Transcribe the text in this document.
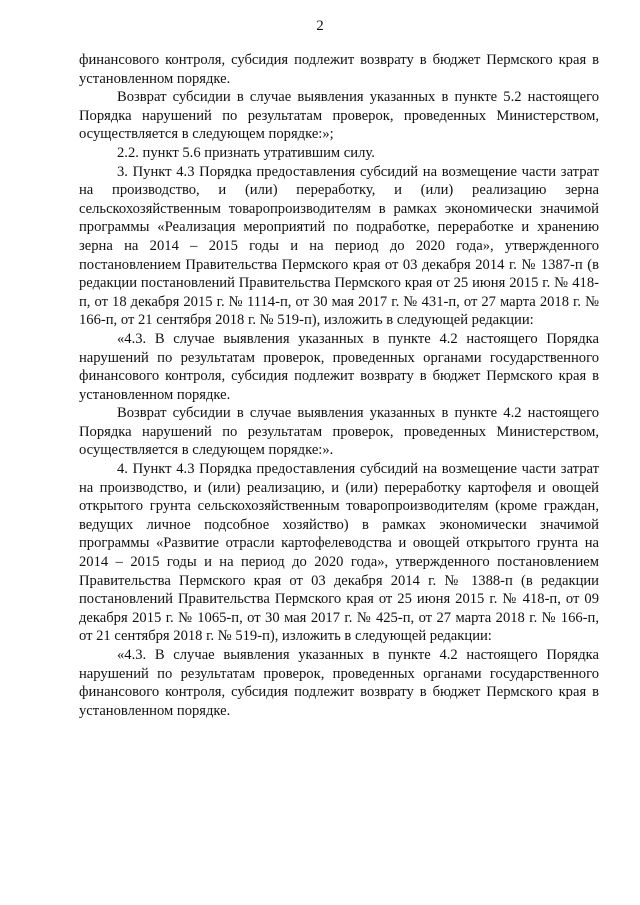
2

финансового контроля, субсидия подлежит возврату в бюджет Пермского края в установленном порядке.

Возврат субсидии в случае выявления указанных в пункте 5.2 настоящего Порядка нарушений по результатам проверок, проведенных Министерством, осуществляется в следующем порядке:»;

2.2. пункт 5.6 признать утратившим силу.

3. Пункт 4.3 Порядка предоставления субсидий на возмещение части затрат на производство, и (или) переработку, и (или) реализацию зерна сельскохозяйственным товаропроизводителям в рамках экономически значимой программы «Реализация мероприятий по подработке, переработке и хранению зерна на 2014 – 2015 годы и на период до 2020 года», утвержденного постановлением Правительства Пермского края от 03 декабря 2014 г. № 1387-п (в редакции постановлений Правительства Пермского края от 25 июня 2015 г. № 418-п, от 18 декабря 2015 г. № 1114-п, от 30 мая 2017 г. № 431-п, от 27 марта 2018 г. № 166-п, от 21 сентября 2018 г. № 519-п), изложить в следующей редакции:

«4.3. В случае выявления указанных в пункте 4.2 настоящего Порядка нарушений по результатам проверок, проведенных органами государственного финансового контроля, субсидия подлежит возврату в бюджет Пермского края в установленном порядке.

Возврат субсидии в случае выявления указанных в пункте 4.2 настоящего Порядка нарушений по результатам проверок, проведенных Министерством, осуществляется в следующем порядке:».

4. Пункт 4.3 Порядка предоставления субсидий на возмещение части затрат на производство, и (или) реализацию, и (или) переработку картофеля и овощей открытого грунта сельскохозяйственным товаропроизводителям (кроме граждан, ведущих личное подсобное хозяйство) в рамках экономически значимой программы «Развитие отрасли картофелеводства и овощей открытого грунта на 2014 – 2015 годы и на период до 2020 года», утвержденного постановлением Правительства Пермского края от 03 декабря 2014 г. № 1388-п (в редакции постановлений Правительства Пермского края от 25 июня 2015 г. № 418-п, от 09 декабря 2015 г. № 1065-п, от 30 мая 2017 г. № 425-п, от 27 марта 2018 г. № 166-п, от 21 сентября 2018 г. № 519-п), изложить в следующей редакции:

«4.3. В случае выявления указанных в пункте 4.2 настоящего Порядка нарушений по результатам проверок, проведенных органами государственного финансового контроля, субсидия подлежит возврату в бюджет Пермского края в установленном порядке.
